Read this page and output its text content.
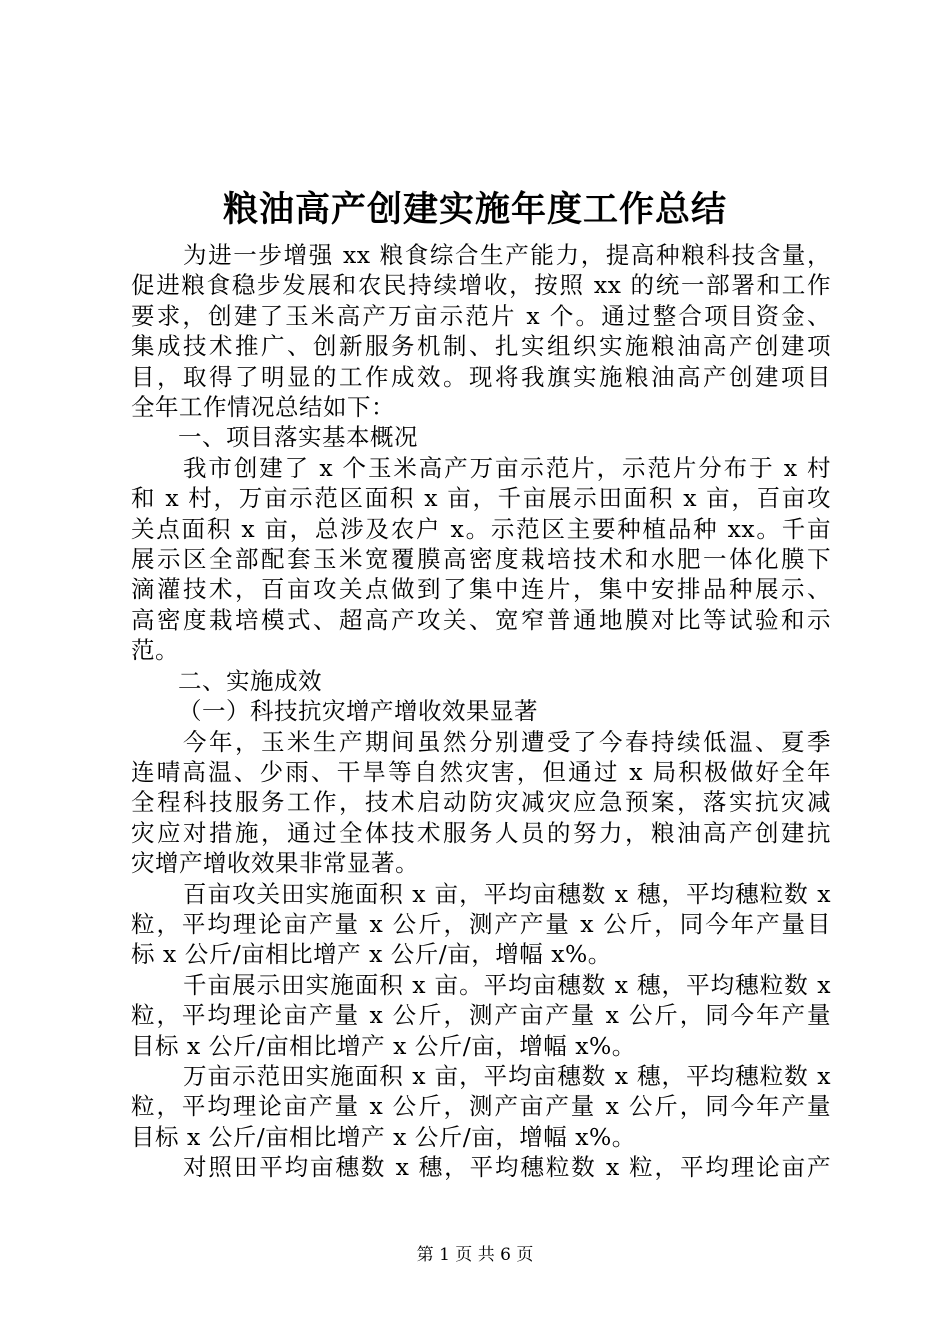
粮油高产创建实施年度工作总结
为进一步增强 xx 粮食综合生产能力，提高种粮科技含量，
促进粮食稳步发展和农民持续增收，按照 xx 的统一部署和工作
要求，创建了玉米高产万亩示范片 x 个。通过整合项目资金、
集成技术推广、创新服务机制、扎实组织实施粮油高产创建项
目，取得了明显的工作成效。现将我旗实施粮油高产创建项目
全年工作情况总结如下：
一、项目落实基本概况
我市创建了 x 个玉米高产万亩示范片，示范片分布于 x 村
和 x 村，万亩示范区面积 x 亩，千亩展示田面积 x 亩，百亩攻
关点面积 x 亩，总涉及农户 x。示范区主要种植品种 xx。千亩
展示区全部配套玉米宽覆膜高密度栽培技术和水肥一体化膜下
滴灌技术，百亩攻关点做到了集中连片，集中安排品种展示、
高密度栽培模式、超高产攻关、宽窄普通地膜对比等试验和示
范。
二、实施成效
（一）科技抗灾增产增收效果显著
今年，玉米生产期间虽然分别遭受了今春持续低温、夏季
连晴高温、少雨、干旱等自然灾害，但通过 x 局积极做好全年
全程科技服务工作，技术启动防灾减灾应急预案，落实抗灾减
灾应对措施，通过全体技术服务人员的努力，粮油高产创建抗
灾增产增收效果非常显著。
百亩攻关田实施面积 x 亩，平均亩穗数 x 穗，平均穗粒数 x
粒，平均理论亩产量 x 公斤，测产产量 x 公斤，同今年产量目
标 x 公斤/亩相比增产 x 公斤/亩，增幅 x%。
千亩展示田实施面积 x 亩。平均亩穗数 x 穗，平均穗粒数 x
粒，平均理论亩产量 x 公斤，测产亩产量 x 公斤，同今年产量
目标 x 公斤/亩相比增产 x 公斤/亩，增幅 x%。
万亩示范田实施面积 x 亩，平均亩穗数 x 穗，平均穗粒数 x
粒，平均理论亩产量 x 公斤，测产亩产量 x 公斤，同今年产量
目标 x 公斤/亩相比增产 x 公斤/亩，增幅 x%。
对照田平均亩穗数 x 穗，平均穗粒数 x 粒，平均理论亩产
第 1 页 共 6 页
